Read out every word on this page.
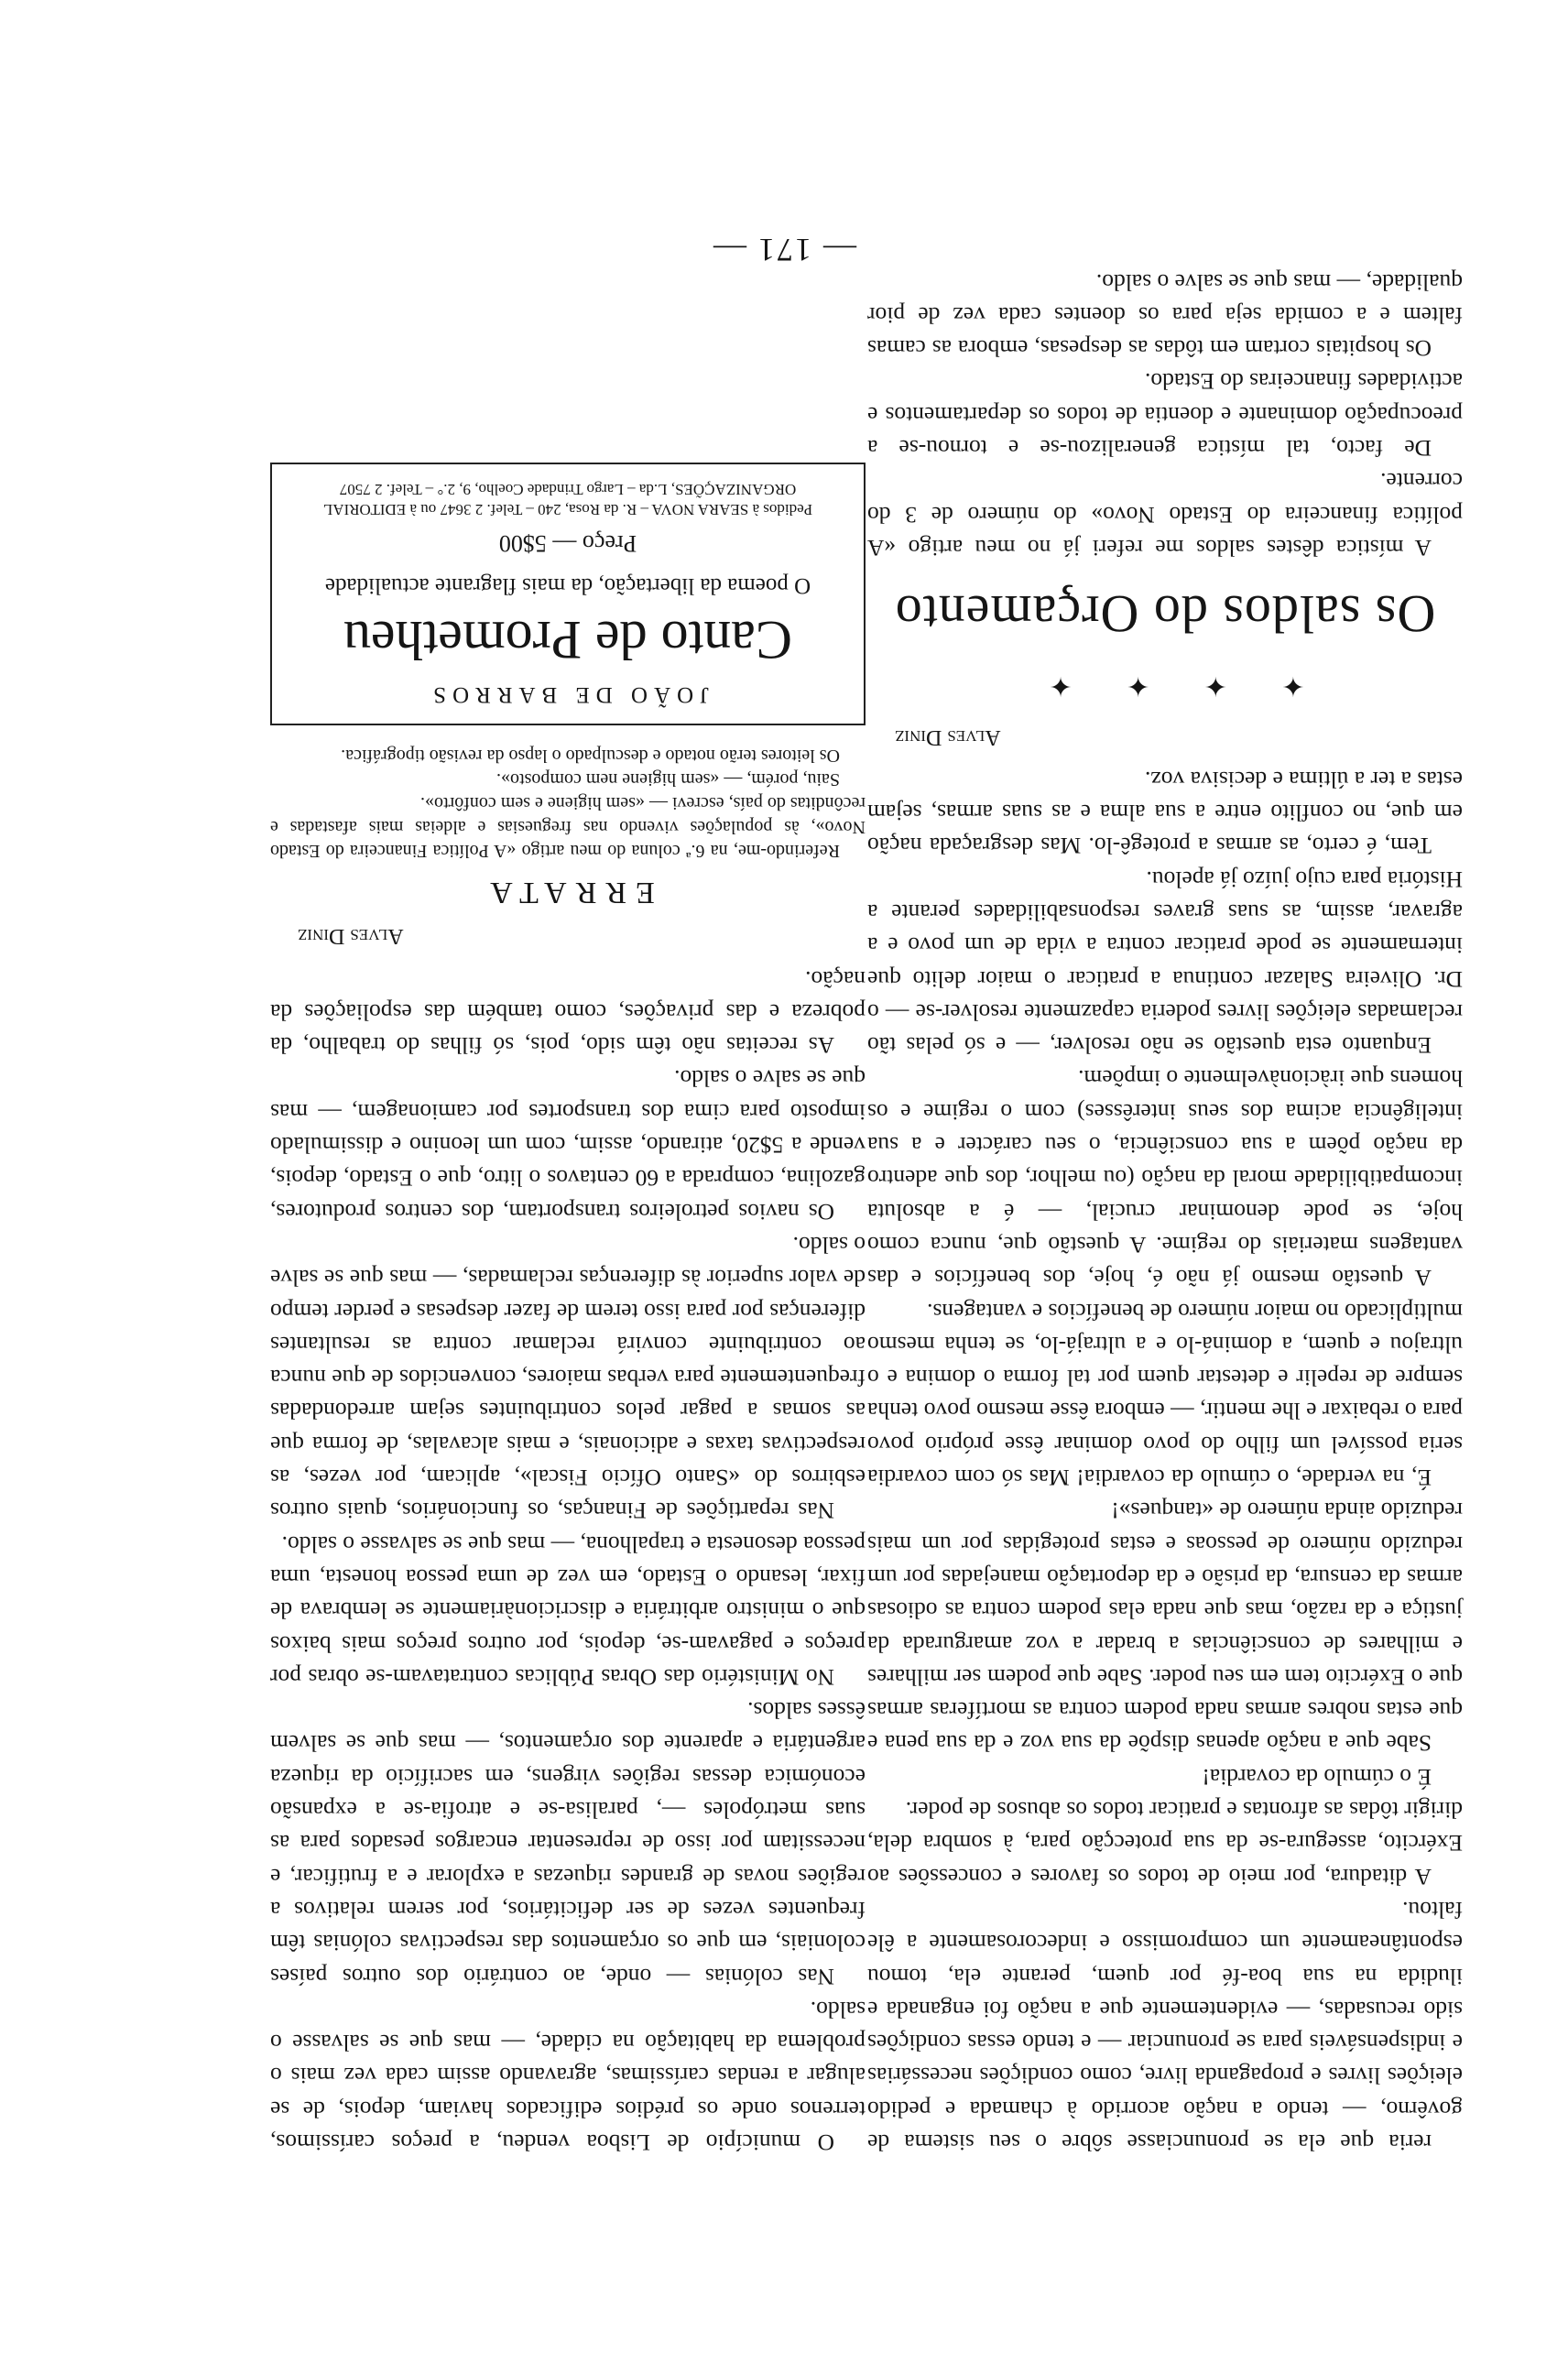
— 171 —

reria que ela se pronunciasse sôbre o seu sistema de govêrno, — tendo a nação acorrido à chamada e pedido eleições livres e propaganda livre, como condições necessárias e indispensáveis para se pronunciar — e tendo essas condições sido recusadas, — evidentemente que a nação foi enganada e iludida na sua boa-fé por quem, perante ela, tomou espontâneamente um compromisso e indecorosamente a êle faltou.

A ditadura, por meio de todos os favores e concessões ao Exército, assegura-se da sua protecção para, à sombra dela, dirigir tôdas as afrontas e praticar todos os abusos de poder.

É o cúmulo da covardia!

Sabe que a nação apenas dispõe da sua voz e da sua pena e que estas nobres armas nada podem contra as mortíferas armas que o Exército tem em seu poder. Sabe que podem ser milhares e milhares de consciências a bradar a voz amargurada da justiça e da razão, mas que nada elas podem contra as odiosas armas da censura, da prisão e da deportação manejadas por um reduzido número de pessoas e estas protegidas por um mais reduzido ainda número de «tanques»!

É, na verdade, o cúmulo da covardia! Mas só com covardia seria possível um filho do povo dominar êsse próprio povo para o rebaixar e lhe mentir, — embora êsse mesmo povo tenha sempre de repelir e detestar quem por tal forma o domina e o ultrajou e quem, a dominá-lo e a ultrajá-lo, se tenha mesmo multiplicado no maior número de benefícios e vantagens.

A questão mesmo já não é, hoje, dos benefícios e das vantagens materiais do regime. A questão que, nunca como hoje, se pode denominar crucial, — é a absoluta incompatibilidade moral da nação (ou melhor, dos que adentro da nação põem a sua consciência, o seu carácter e a sua inteligência acima dos seus interêsses) com o regime e os homens que iràcionàvelmente o impõem.

Enquanto esta questão se não resolver, — e só pelas tão reclamadas eleições livres poderia capazmente resolver-se — o Dr. Oliveira Salazar continua a praticar o maior delito que internamente se pode praticar contra a vida de um povo e a agravar, assim, as suas graves responsabilidades perante a História para cujo juízo já apelou.

Tem, é certo, as armas a protegê-lo. Mas desgraçada nação em que, no conflito entre a sua alma e as suas armas, sejam estas a ter a última e decisiva voz.

Alves Diniz
✦ ✦ ✦ ✦
Os saldos do Orçamento

A mística dêstes saldos me referi já no meu artigo «A política financeira do Estado Novo» do número de 3 do corrente.

De facto, tal mística generalizou-se e tornou-se a preocupação dominante e doentia de todos os departamentos e actividades financeiras do Estado.

Os hospitais cortam em tôdas as despesas, embora as camas faltem e a comida seja para os doentes cada vez de pior qualidade, — mas que se salve o saldo.

O município de Lisboa vendeu, a preços caríssimos, terrenos onde os prédios edificados haviam, depois, de se alugar a rendas caríssimas, agravando assim cada vez mais o problema da habitação na cidade, — mas que se salvasse o saldo.

Nas colónias — onde, ao contrário dos outros países coloniais, em que os orçamentos das respectivas colónias têm frequentes vezes de ser deficitários, por serem relativos a regiões novas de grandes riquezas a explorar e a frutificar, e necessitam por isso de representar encargos pesados para as suas metrópoles —, paralisa-se e atrofia-se a expansão económica dessas regiões virgens, em sacrifício da riqueza argentária e aparente dos orçamentos, — mas que se salvem êsses saldos.

No Ministério das Obras Públicas contratavam-se obras por preços e pagavam-se, depois, por outros preços mais baixos que o ministro arbitrária e discricionàriamente se lembrava de fixar, lesando o Estado, em vez de uma pessoa honesta, uma pessoa desonesta e trapalhona, — mas que se salvasse o saldo.

Nas repartições de Finanças, os funcionários, quais outros esbirros do «Santo Ofício Fiscal», aplicam, por vezes, as respectivas taxas e adicionais, e mais alcavalas, de forma que as somas a pagar pelos contribuintes sejam arredondadas frequentemente para verbas maiores, convencidos de que nunca ao contribuinte convirá reclamar contra as resultantes diferenças por para isso terem de fazer despesas e perder tempo de valor superior às diferenças reclamadas, — mas que se salve o saldo.

Os navios petroleiros transportam, dos centros produtores, gazolina, comprada a 60 centavos o litro, que o Estado, depois, vende a 5$20, atirando, assim, com um leonino e dissimulado imposto para cima dos transportes por camionagem, — mas que se salve o saldo.

As receitas não têm sido, pois, só filhas do trabalho, da pobreza e das privações, como também das espoliações da nação.

Alves Diniz
ERRATA

Referindo-me, na 6.ª coluna do meu artigo «A Política Financeira do Estado Novo», às populações vivendo nas freguesias e aldeias mais afastadas e recônditas do país, escrevi — «sem higiene e sem confôrto».

Saiu, porém, — «sem higiene nem composto».

Os leitores terão notado e desculpado o lapso da revisão tipográfica.

JOÃO DE BARROS
Canto de Prometheu
O poema da libertação, da mais flagrante actualidade
Preço — 5$00
Pedidos à SEARA NOVA – R. da Rosa, 240 – Telef. 2 3647 ou à EDITORIAL ORGANIZAÇÕES, L.da – Largo Trindade Coelho, 9, 2.° – Telef. 2 7507
